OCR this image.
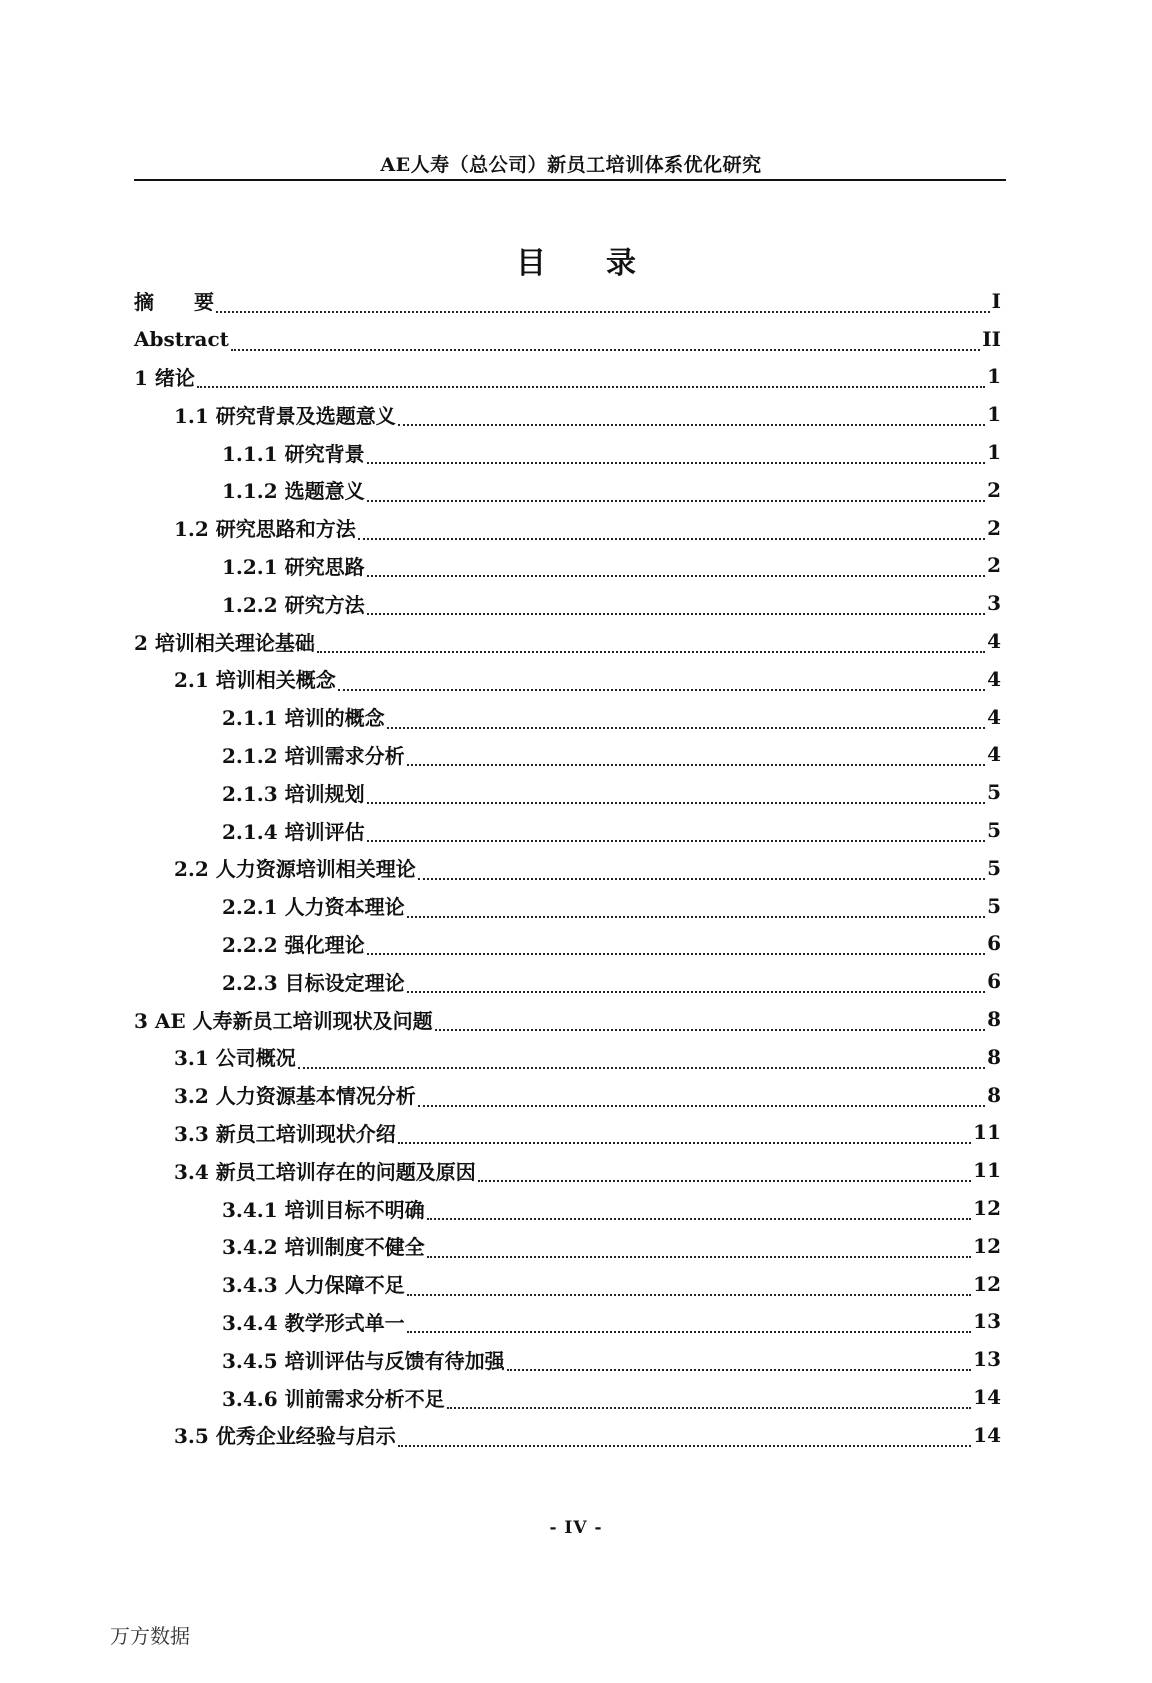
AE人寿（总公司）新员工培训体系优化研究
目 录
摘　　要	I
Abstract	II
1 绪论	1
1.1 研究背景及选题意义	1
1.1.1 研究背景	1
1.1.2 选题意义	2
1.2 研究思路和方法	2
1.2.1 研究思路	2
1.2.2 研究方法	3
2 培训相关理论基础	4
2.1 培训相关概念	4
2.1.1 培训的概念	4
2.1.2 培训需求分析	4
2.1.3 培训规划	5
2.1.4 培训评估	5
2.2 人力资源培训相关理论	5
2.2.1 人力资本理论	5
2.2.2 强化理论	6
2.2.3 目标设定理论	6
3 AE 人寿新员工培训现状及问题	8
3.1 公司概况	8
3.2 人力资源基本情况分析	8
3.3 新员工培训现状介绍	11
3.4 新员工培训存在的问题及原因	11
3.4.1 培训目标不明确	12
3.4.2 培训制度不健全	12
3.4.3 人力保障不足	12
3.4.4 教学形式单一	13
3.4.5 培训评估与反馈有待加强	13
3.4.6 训前需求分析不足	14
3.5 优秀企业经验与启示	14
- IV -
万方数据
